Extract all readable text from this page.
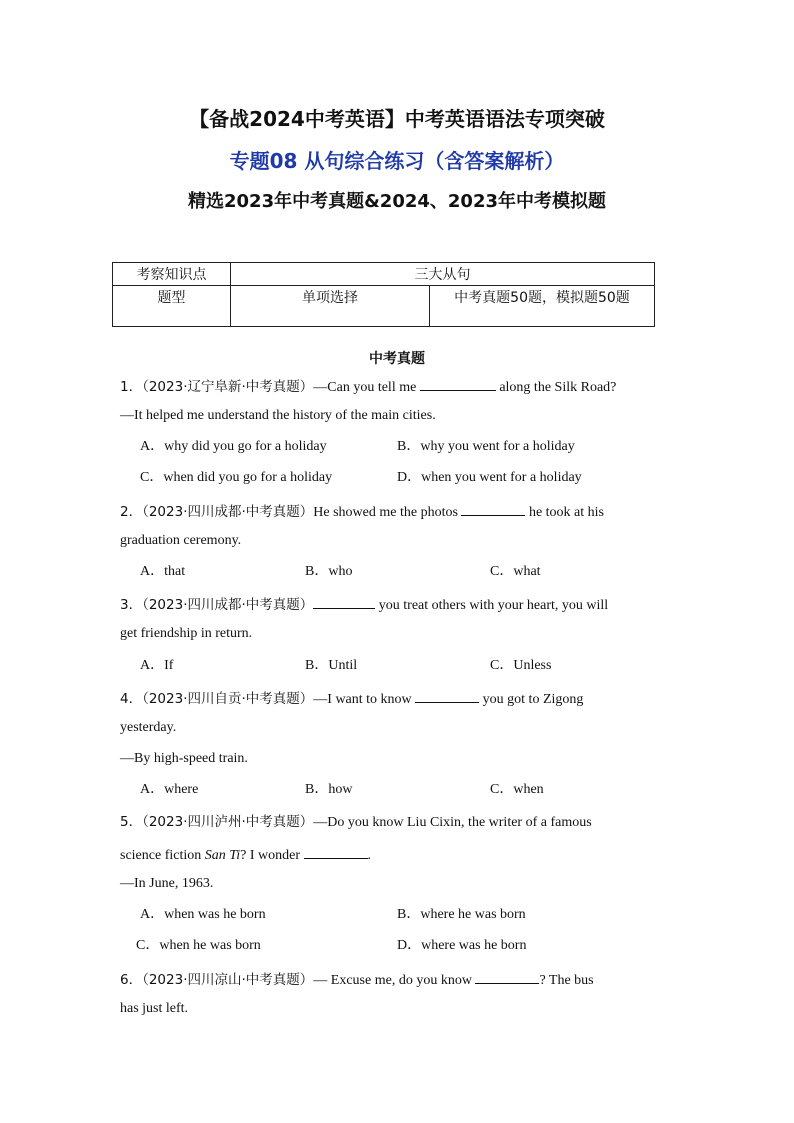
【备战2024中考英语】中考英语语法专项突破
专题08 从句综合练习（含答案解析）
精选2023年中考真题&2024、2023年中考模拟题
考察知识点	三大从句	
题型	单项选择	中考真题50题，模拟题50题
中考真题
1．（2023·辽宁阜新·中考真题）—Can you tell me	along the Silk Road?
—It helped me understand the history of the main cities.
A．why did you go for a holiday	B．why you went for a holiday
C．when did you go for a holiday	D．when you went for a holiday
2．（2023·四川成都·中考真题）He showed me the photos	he took at his
graduation ceremony.
A．that	B．who	C．what
3．（2023·四川成都·中考真题）	you treat others with your heart, you will
get friendship in return.
A．If	B．Until	C．Unless
4．（2023·四川自贡·中考真题）—I want to know	you got to Zigong
yesterday.
—By high-speed train.
A．where	B．how	C．when
5．（2023·四川泸州·中考真题）—Do you know Liu Cixin, the writer of a famous
science fiction San Ti? I wonder	.
—In June, 1963.
A．when was he born	B．where he was born
C．when he was born	D．where was he born
6．（2023·四川凉山·中考真题）— Excuse me, do you know	? The bus
has just left.
